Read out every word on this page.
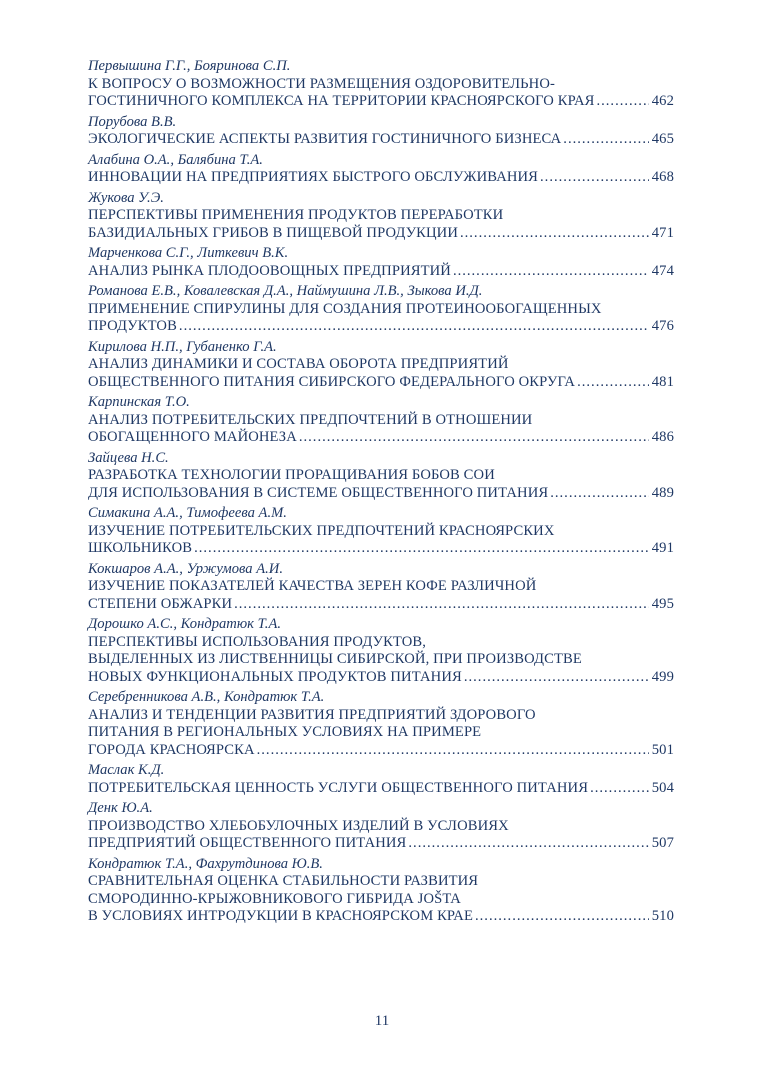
Первышина Г.Г., Бояринова С.П.
К ВОПРОСУ О ВОЗМОЖНОСТИ РАЗМЕЩЕНИЯ ОЗДОРОВИТЕЛЬНО-
ГОСТИНИЧНОГО КОМПЛЕКСА НА ТЕРРИТОРИИ КРАСНОЯРСКОГО КРАЯ .....	462
Порубова В.В.
ЭКОЛОГИЧЕСКИЕ АСПЕКТЫ РАЗВИТИЯ ГОСТИНИЧНОГО БИЗНЕСА .....	465
Алабина О.А., Балябина Т.А.
ИННОВАЦИИ НА ПРЕДПРИЯТИЯХ БЫСТРОГО ОБСЛУЖИВАНИЯ .....	468
Жукова У.Э.
ПЕРСПЕКТИВЫ ПРИМЕНЕНИЯ ПРОДУКТОВ ПЕРЕРАБОТКИ
БАЗИДИАЛЬНЫХ ГРИБОВ В ПИЩЕВОЙ ПРОДУКЦИИ .....	471
Марченкова С.Г., Литкевич В.К.
АНАЛИЗ РЫНКА ПЛОДООВОЩНЫХ ПРЕДПРИЯТИЙ .....	474
Романова Е.В., Ковалевская Д.А., Наймушина Л.В., Зыкова И.Д.
ПРИМЕНЕНИЕ СПИРУЛИНЫ ДЛЯ СОЗДАНИЯ ПРОТЕИНООБОГАЩЕННЫХ
ПРОДУКТОВ .....	476
Кирилова Н.П., Губаненко Г.А.
АНАЛИЗ ДИНАМИКИ И СОСТАВА ОБОРОТА ПРЕДПРИЯТИЙ
ОБЩЕСТВЕННОГО ПИТАНИЯ СИБИРСКОГО ФЕДЕРАЛЬНОГО ОКРУГА .....	481
Карпинская Т.О.
АНАЛИЗ ПОТРЕБИТЕЛЬСКИХ ПРЕДПОЧТЕНИЙ В ОТНОШЕНИИ
ОБОГАЩЕННОГО МАЙОНЕЗА .....	486
Зайцева Н.С.
РАЗРАБОТКА ТЕХНОЛОГИИ ПРОРАЩИВАНИЯ БОБОВ СОИ
ДЛЯ ИСПОЛЬЗОВАНИЯ В СИСТЕМЕ ОБЩЕСТВЕННОГО ПИТАНИЯ .....	489
Симакина А.А., Тимофеева А.М.
ИЗУЧЕНИЕ ПОТРЕБИТЕЛЬСКИХ ПРЕДПОЧТЕНИЙ КРАСНОЯРСКИХ
ШКОЛЬНИКОВ .....	491
Кокшаров А.А., Уржумова А.И.
ИЗУЧЕНИЕ ПОКАЗАТЕЛЕЙ КАЧЕСТВА ЗЕРЕН КОФЕ РАЗЛИЧНОЙ
СТЕПЕНИ ОБЖАРКИ .....	495
Дорошко А.С., Кондратюк Т.А.
ПЕРСПЕКТИВЫ ИСПОЛЬЗОВАНИЯ ПРОДУКТОВ,
ВЫДЕЛЕННЫХ ИЗ ЛИСТВЕННИЦЫ СИБИРСКОЙ, ПРИ ПРОИЗВОДСТВЕ
НОВЫХ ФУНКЦИОНАЛЬНЫХ ПРОДУКТОВ ПИТАНИЯ .....	499
Серебренникова А.В., Кондратюк Т.А.
АНАЛИЗ И ТЕНДЕНЦИИ РАЗВИТИЯ ПРЕДПРИЯТИЙ ЗДОРОВОГО
ПИТАНИЯ В РЕГИОНАЛЬНЫХ УСЛОВИЯХ НА ПРИМЕРЕ
ГОРОДА КРАСНОЯРСКА .....	501
Маслак К.Д.
ПОТРЕБИТЕЛЬСКАЯ ЦЕННОСТЬ УСЛУГИ ОБЩЕСТВЕННОГО ПИТАНИЯ .....	504
Денк Ю.А.
ПРОИЗВОДСТВО ХЛЕБОБУЛОЧНЫХ ИЗДЕЛИЙ В УСЛОВИЯХ
ПРЕДПРИЯТИЙ ОБЩЕСТВЕННОГО ПИТАНИЯ .....	507
Кондратюк Т.А., Фахрутдинова Ю.В.
СРАВНИТЕЛЬНАЯ ОЦЕНКА СТАБИЛЬНОСТИ РАЗВИТИЯ
СМОРОДИННО-КРЫЖОВНИКОВОГО ГИБРИДА JOŠTA
В УСЛОВИЯХ ИНТРОДУКЦИИ В КРАСНОЯРСКОМ КРАЕ .....	510
11
